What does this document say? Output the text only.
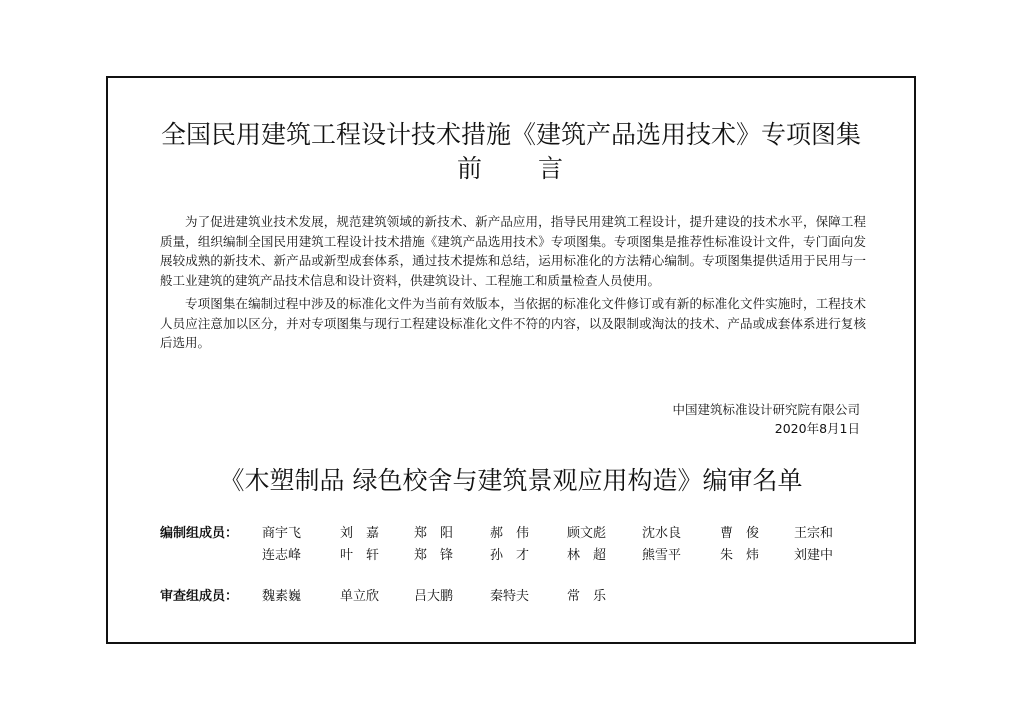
全国民用建筑工程设计技术措施《建筑产品选用技术》专项图集
前　　言

为了促进建筑业技术发展，规范建筑领域的新技术、新产品应用，指导民用建筑工程设计，提升建设的技术水平，保障工程质量，组织编制全国民用建筑工程设计技术措施《建筑产品选用技术》专项图集。专项图集是推荐性标准设计文件，专门面向发展较成熟的新技术、新产品或新型成套体系，通过技术提炼和总结，运用标准化的方法精心编制。专项图集提供适用于民用与一般工业建筑的建筑产品技术信息和设计资料，供建筑设计、工程施工和质量检查人员使用。

专项图集在编制过程中涉及的标准化文件为当前有效版本，当依据的标准化文件修订或有新的标准化文件实施时，工程技术人员应注意加以区分，并对专项图集与现行工程建设标准化文件不符的内容，以及限制或淘汰的技术、产品或成套体系进行复核后选用。

中国建筑标准设计研究院有限公司
2020年8月1日
《木塑制品 绿色校舍与建筑景观应用构造》编审名单
编制组成员： 商宇飞	刘　嘉	郑　阳	郝　伟	顾文彪	沈水良	曹　俊	王宗和
连志峰	叶　轩	郑　锋	孙　才	林　超	熊雪平	朱　炜	刘建中
审查组成员： 魏素巍	单立欣	吕大鹏	秦特夫	常　乐
